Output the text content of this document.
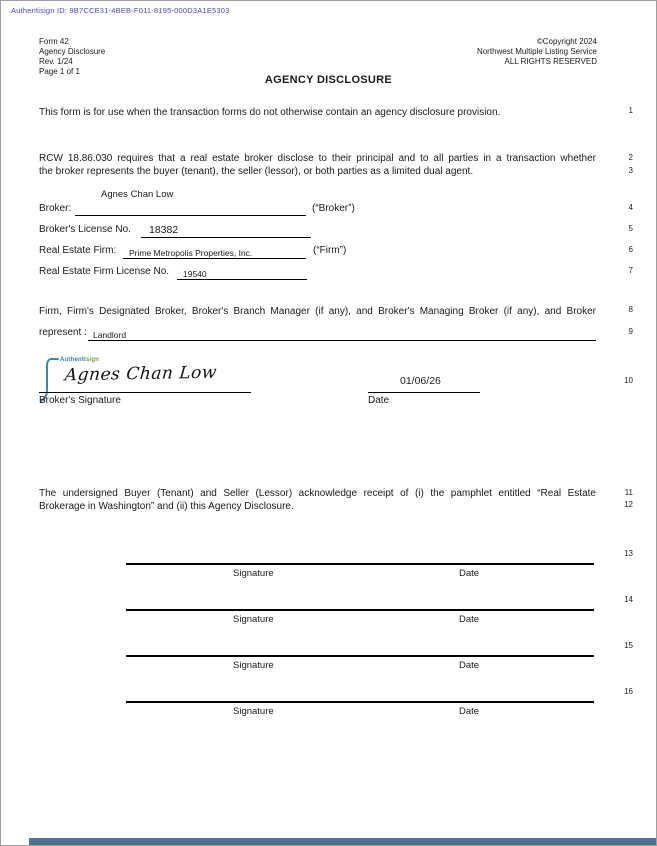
Authentisign ID: 9B7CCE31-4BEB-F011-8195-000D3A1E5303
Form 42
Agency Disclosure
Rev. 1/24
Page 1 of 1
©Copyright 2024
Northwest Multiple Listing Service
ALL RIGHTS RESERVED
AGENCY DISCLOSURE
This form is for use when the transaction forms do not otherwise contain an agency disclosure provision.
RCW 18.86.030 requires that a real estate broker disclose to their principal and to all parties in a transaction whether
the broker represents the buyer (tenant), the seller (lessor), or both parties as a limited dual agent.
Agnes Chan Low
Broker:	(“Broker”)
Broker's License No. 18382
Real Estate Firm: Prime Metropolis Properties, Inc.	(“Firm”)
Real Estate Firm License No. 19540
Firm, Firm's Designated Broker, Broker's Branch Manager (if any), and Broker's Managing Broker (if any), and Broker
represent : Landlord
Authentisign
Agnes Chan Low	01/06/26
Broker's Signature	Date
The undersigned Buyer (Tenant) and Seller (Lessor) acknowledge receipt of (i) the pamphlet entitled “Real Estate
Brokerage in Washington” and (ii) this Agency Disclosure.
Signature	Date
Signature	Date
Signature	Date
Signature	Date
1
2
3
4
5
6
7
8
9
10
11
12
13
14
15
16
